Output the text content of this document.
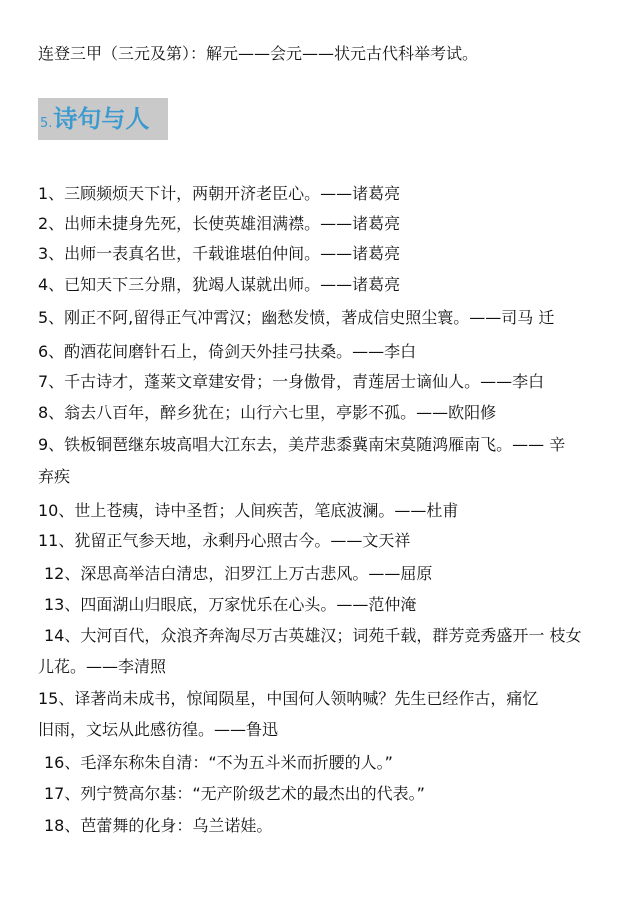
连登三甲（三元及第）：解元——会元——状元古代科举考试。
5.诗句与人
1、三顾频烦天下计，两朝开济老臣心。——诸葛亮
2、出师未捷身先死，长使英雄泪满襟。——诸葛亮
3、出师一表真名世，千载谁堪伯仲间。——诸葛亮
4、已知天下三分鼎，犹竭人谋就出师。——诸葛亮
5、刚正不阿,留得正气冲霄汉；幽愁发愤，著成信史照尘寰。——司马 迁
6、酌酒花间磨针石上，倚剑天外挂弓扶桑。——李白
7、千古诗才，蓬莱文章建安骨；一身傲骨，青莲居士谪仙人。——李白
8、翁去八百年，醉乡犹在；山行六七里，亭影不孤。——欧阳修
9、铁板铜琶继东坡高唱大江东去，美芹悲黍冀南宋莫随鸿雁南飞。—— 辛
弃疾
10、世上苍痍，诗中圣哲；人间疾苦，笔底波澜。——杜甫
11、犹留正气参天地，永剩丹心照古今。——文天祥
12、深思高举洁白清忠，汨罗江上万古悲风。——屈原
13、四面湖山归眼底，万家忧乐在心头。——范仲淹
14、大河百代，众浪齐奔淘尽万古英雄汉；词苑千载，群芳竞秀盛开一 枝女
儿花。——李清照
15、译著尚未成书，惊闻陨星，中国何人领呐喊？先生已经作古，痛忆
旧雨，文坛从此感彷徨。——鲁迅
16、毛泽东称朱自清：“不为五斗米而折腰的人。”
17、列宁赞高尔基：“无产阶级艺术的最杰出的代表。”
18、芭蕾舞的化身：乌兰诺娃。
